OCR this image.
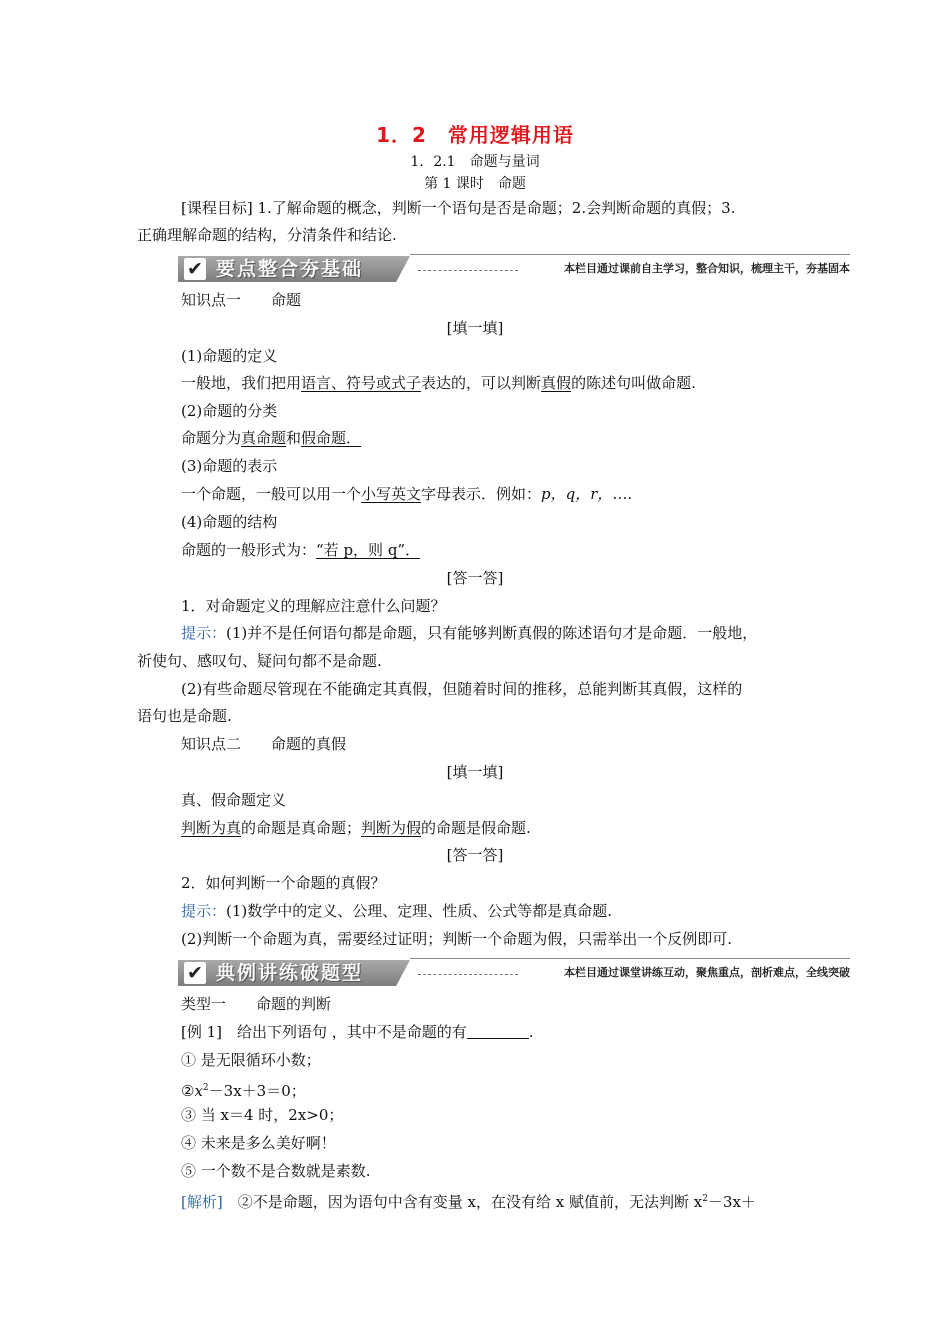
1．2　常用逻辑用语
1．2.1　命题与量词
第 1 课时　命题
[课程目标] 1.了解命题的概念，判断一个语句是否是命题；2.会判断命题的真假；3.
正确理解命题的结构，分清条件和结论.
✔ 要点整合夯基础	本栏目通过课前自主学习，整合知识，梳理主干，夯基固本
知识点一　　命题
[填一填]
(1)命题的定义
一般地，我们把用语言、符号或式子表达的，可以判断真假的陈述句叫做命题.
(2)命题的分类
命题分为真命题和假命题．
(3)命题的表示
一个命题，一般可以用一个小写英文字母表示．例如：p，q，r，….
(4)命题的结构
命题的一般形式为：“若 p，则 q”．
[答一答]
1．对命题定义的理解应注意什么问题？
提示：(1)并不是任何语句都是命题，只有能够判断真假的陈述语句才是命题．一般地，
祈使句、感叹句、疑问句都不是命题.
(2)有些命题尽管现在不能确定其真假，但随着时间的推移，总能判断其真假，这样的
语句也是命题.
知识点二　　命题的真假
[填一填]
真、假命题定义
判断为真的命题是真命题；判断为假的命题是假命题.
[答一答]
2．如何判断一个命题的真假？
提示：(1)数学中的定义、公理、定理、性质、公式等都是真命题.
(2)判断一个命题为真，需要经过证明；判断一个命题为假，只需举出一个反例即可.
✔ 典例讲练破题型	本栏目通过课堂讲练互动，聚焦重点，剖析难点，全线突破
类型一　　命题的判断
[例 1]　给出下列语句 ，其中不是命题的有	.
① 是无限循环小数；
$②x^2-3x+3=0$；
③ 当 x＝4 时，2x>0；
④ 未来是多么美好啊！
⑤ 一个数不是合数就是素数.
[解析]　②不是命题，因为语句中含有变量 x，在没有给 x 赋值前，无法判断 $x^2-3x+$
